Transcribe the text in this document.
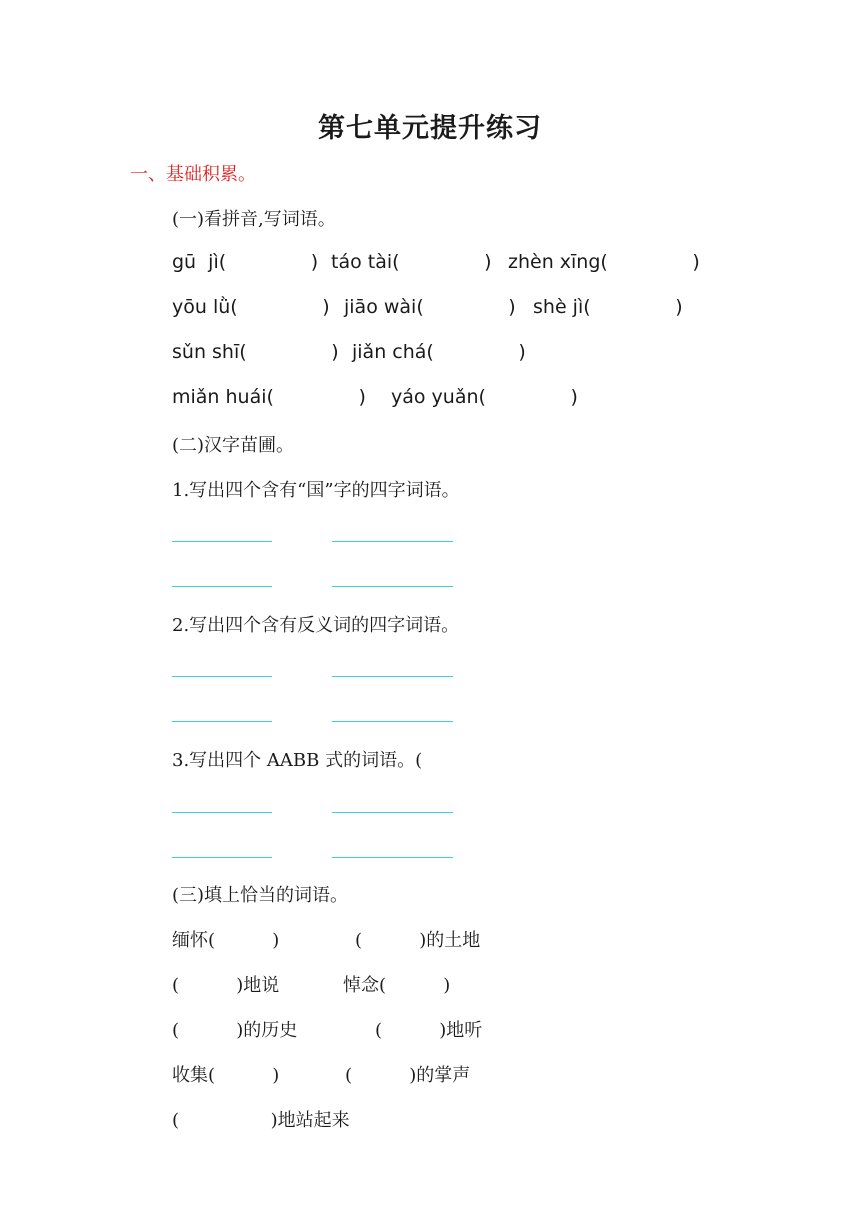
第七单元提升练习
一、基础积累。
(一)看拼音,写词语。
gū  jì(              ) táo tài(              ) zhèn xīng(              )
yōu lǜ(              ) jiāo wài(              ) shè jì(              )
sǔn shī(              ) jiǎn chá(              )
miǎn huái(              ) yáo yuǎn(              )
(二)汉字苗圃。
1.写出四个含有“国”字的四字词语。
2.写出四个含有反义词的四字词语。
3.写出四个 AABB 式的词语。(
(三)填上恰当的词语。
缅怀(          )	(          )的土地
(          )地说	悼念(          )
(          )的历史	(          )地听
收集(          )	(          )的掌声
(                )地站起来
